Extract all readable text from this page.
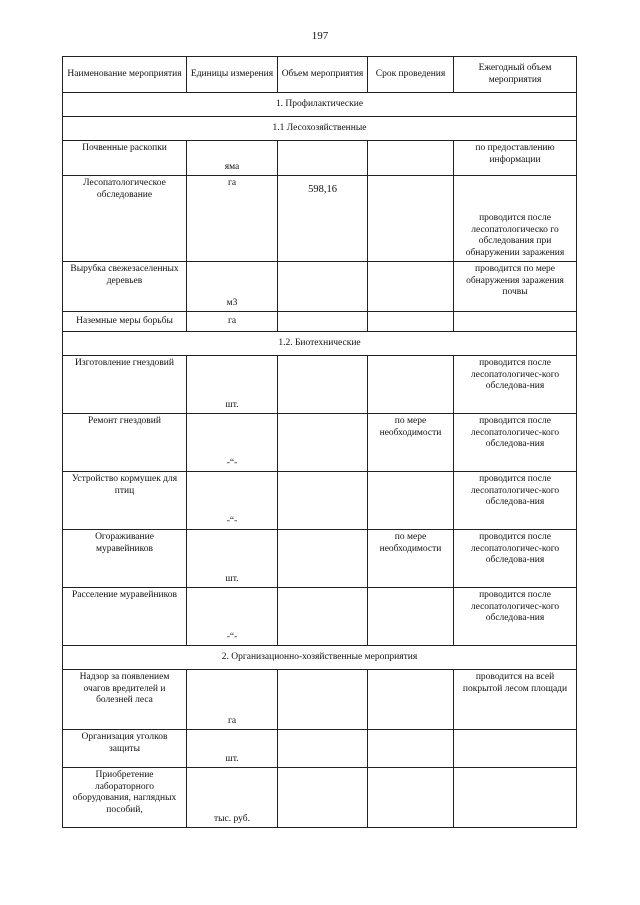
197
Наименование мероприятия	Единицы измерения	Объем мероприятия	Срок проведения	Ежегодный объем мероприятия
1. Профилактические				
1.1 Лесохозяйственные				
Почвенные раскопки	яма			по предоставлению информации
Лесопатологическое обследование	га	598,16		проводится после лесопатологическо го обследования при обнаружении заражения
Вырубка свежезаселенных деревьев	м3			проводится по мере обнаружения заражения почвы
Наземные меры борьбы	га			
1.2. Биотехнические				
Изготовление гнездовий	шт.			проводится после лесопатологичес-кого обследова-ния
Ремонт гнездовий	-“-		по мере необходимости	проводится после лесопатологичес-кого обследова-ния
Устройство кормушек для птиц	-“-			проводится после лесопатологичес-кого обследова-ния
Огораживание муравейников	шт.		по мере необходимости	проводится после лесопатологичес-кого обследова-ния
Расселение муравейников	-“-			проводится после лесопатологичес-кого обследова-ния
2. Организационно-хозяйственные мероприятия				
Надзор за появлением очагов вредителей и болезней леса	га			проводится на всей покрытой лесом площади
Организация уголков защиты	шт.			
Приобретение лабораторного оборудования, наглядных пособий,	тыс. руб.			
